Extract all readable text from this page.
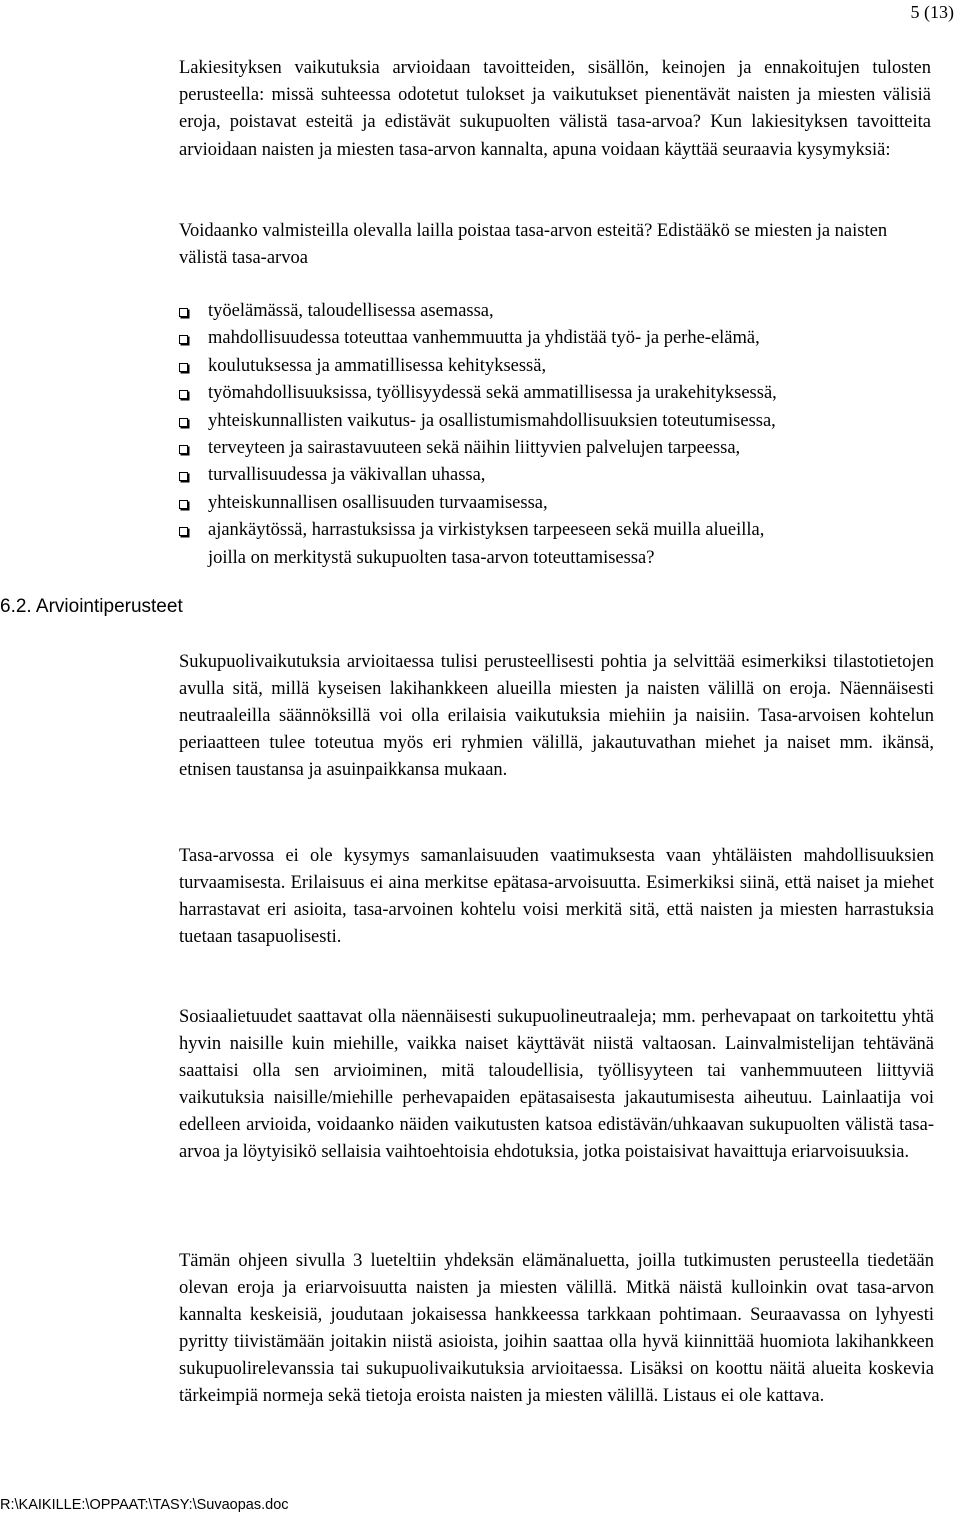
5 (13)

Lakiesityksen vaikutuksia arvioidaan tavoitteiden, sisällön, keinojen ja ennakoitujen tulosten perusteella: missä suhteessa odotetut tulokset ja vaikutukset pienentävät naisten ja miesten välisiä eroja, poistavat esteitä ja edistävät sukupuolten välistä tasa-arvoa? Kun lakiesityksen tavoitteita arvioidaan naisten ja miesten tasa-arvon kannalta, apuna voidaan käyttää seuraavia kysymyksiä:

Voidaanko valmisteilla olevalla lailla poistaa tasa-arvon esteitä? Edistääkö se miesten ja naisten välistä tasa-arvoa

työelämässä, taloudellisessa asemassa,
mahdollisuudessa toteuttaa vanhemmuutta ja yhdistää työ- ja perhe-elämä,
koulutuksessa ja ammatillisessa kehityksessä,
työmahdollisuuksissa, työllisyydessä sekä ammatillisessa ja urakehityksessä,
yhteiskunnallisten vaikutus- ja osallistumismahdollisuuksien toteutumisessa,
terveyteen ja sairastavuuteen sekä näihin liittyvien palvelujen tarpeessa,
turvallisuudessa ja väkivallan uhassa,
yhteiskunnallisen osallisuuden turvaamisessa,
ajankäytössä, harrastuksissa ja virkistyksen tarpeeseen sekä muilla alueilla,
joilla on merkitystä sukupuolten tasa-arvon toteuttamisessa?
6.2. Arviointiperusteet

Sukupuolivaikutuksia arvioitaessa tulisi perusteellisesti pohtia ja selvittää esimerkiksi tilastotietojen avulla sitä, millä kyseisen lakihankkeen alueilla miesten ja naisten välillä on eroja. Näennäisesti neutraaleilla säännöksillä voi olla erilaisia vaikutuksia miehiin ja naisiin. Tasa-arvoisen kohtelun periaatteen tulee toteutua myös eri ryhmien välillä, jakautuvathan miehet ja naiset mm. ikänsä, etnisen taustansa ja asuinpaikkansa mukaan.

Tasa-arvossa ei ole kysymys samanlaisuuden vaatimuksesta vaan yhtäläisten mahdollisuuksien turvaamisesta. Erilaisuus ei aina merkitse epätasa-arvoisuutta. Esimerkiksi siinä, että naiset ja miehet harrastavat eri asioita, tasa-arvoinen kohtelu voisi merkitä sitä, että naisten ja miesten harrastuksia tuetaan tasapuolisesti.

Sosiaalietuudet saattavat olla näennäisesti sukupuolineutraaleja; mm. perhevapaat on tarkoitettu yhtä hyvin naisille kuin miehille, vaikka naiset käyttävät niistä valtaosan. Lainvalmistelijan tehtävänä saattaisi olla sen arvioiminen, mitä taloudellisia, työllisyyteen tai vanhemmuuteen liittyviä vaikutuksia naisille/miehille perhevapaiden epätasaisesta jakautumisesta aiheutuu. Lainlaatija voi edelleen arvioida, voidaanko näiden vaikutusten katsoa edistävän/uhkaavan sukupuolten välistä tasa-arvoa ja löytyisikö sellaisia vaihtoehtoisia ehdotuksia, jotka poistaisivat havaittuja eriarvoisuuksia.

Tämän ohjeen sivulla 3 lueteltiin yhdeksän elämänaluetta, joilla tutkimusten perusteella tiedetään olevan eroja ja eriarvoisuutta naisten ja miesten välillä. Mitkä näistä kulloinkin ovat tasa-arvon kannalta keskeisiä, joudutaan jokaisessa hankkeessa tarkkaan pohtimaan. Seuraavassa on lyhyesti pyritty tiivistämään joitakin niistä asioista, joihin saattaa olla hyvä kiinnittää huomiota lakihankkeen sukupuolirelevanssia tai sukupuolivaikutuksia arvioitaessa. Lisäksi on koottu näitä alueita koskevia tärkeimpiä normeja sekä tietoja eroista naisten ja miesten välillä. Listaus ei ole kattava.

R:\KAIKILLE:\OPPAAT:\TASY:\Suvaopas.doc
